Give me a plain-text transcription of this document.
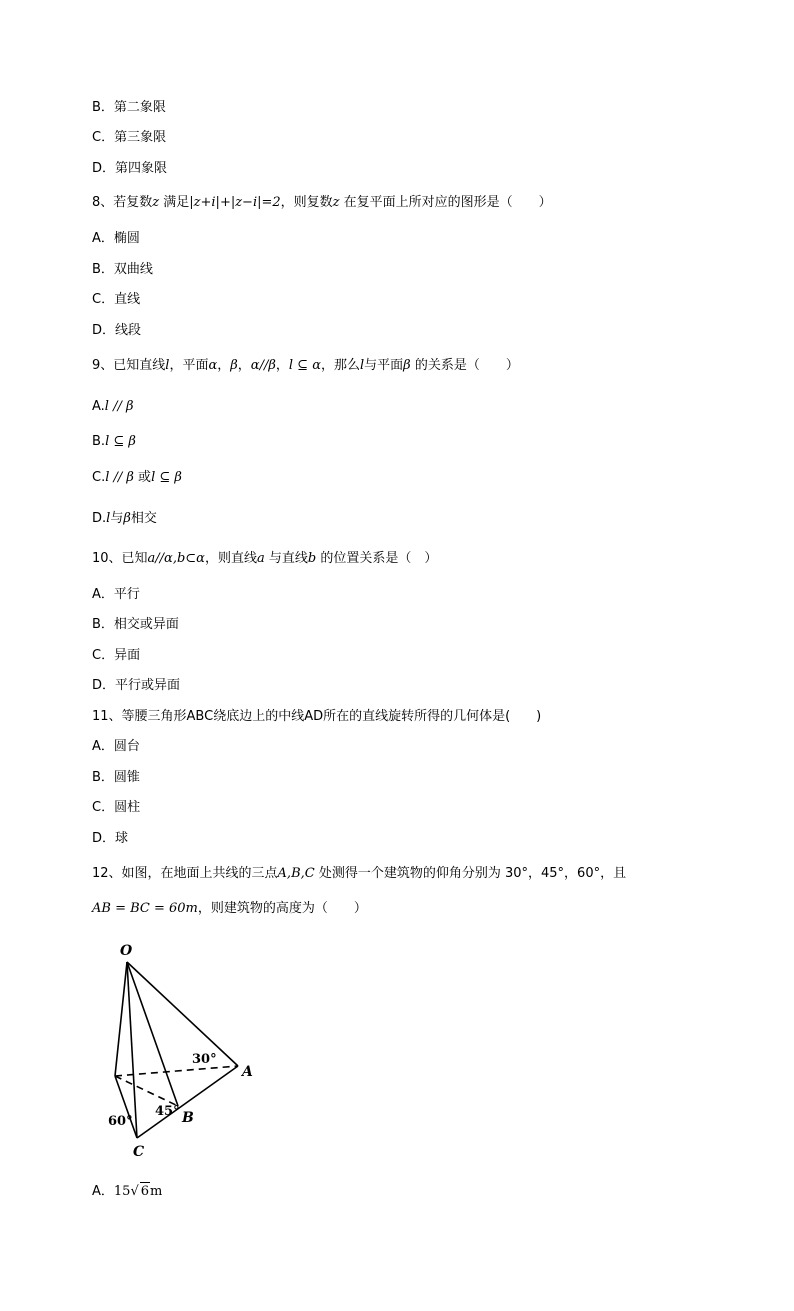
B．第二象限
C．第三象限
D．第四象限
8、若复数z 满足|z+i|+|z−i|=2，则复数z 在复平面上所对应的图形是（　　）
A．椭圆
B．双曲线
C．直线
D．线段
9、已知直线l，平面α，β，α//β，l ⊆ α，那么l与平面β 的关系是（　　）
A.l // β
B.l ⊆ β
C.l // β 或l ⊆ β
D.l与β相交
10、已知a//α,b⊂α，则直线a 与直线b 的位置关系是（　）
A．平行
B．相交或异面
C．异面
D．平行或异面
11、等腰三角形ABC绕底边上的中线AD所在的直线旋转所得的几何体是(　　)
A．圆台
B．圆锥
C．圆柱
D．球
12、如图，在地面上共线的三点A,B,C 处测得一个建筑物的仰角分别为 30°，45°，60°，且
AB = BC = 60m，则建筑物的高度为（　　）
O
A
B
C
30°
45°
60°
A．15√ 6m
